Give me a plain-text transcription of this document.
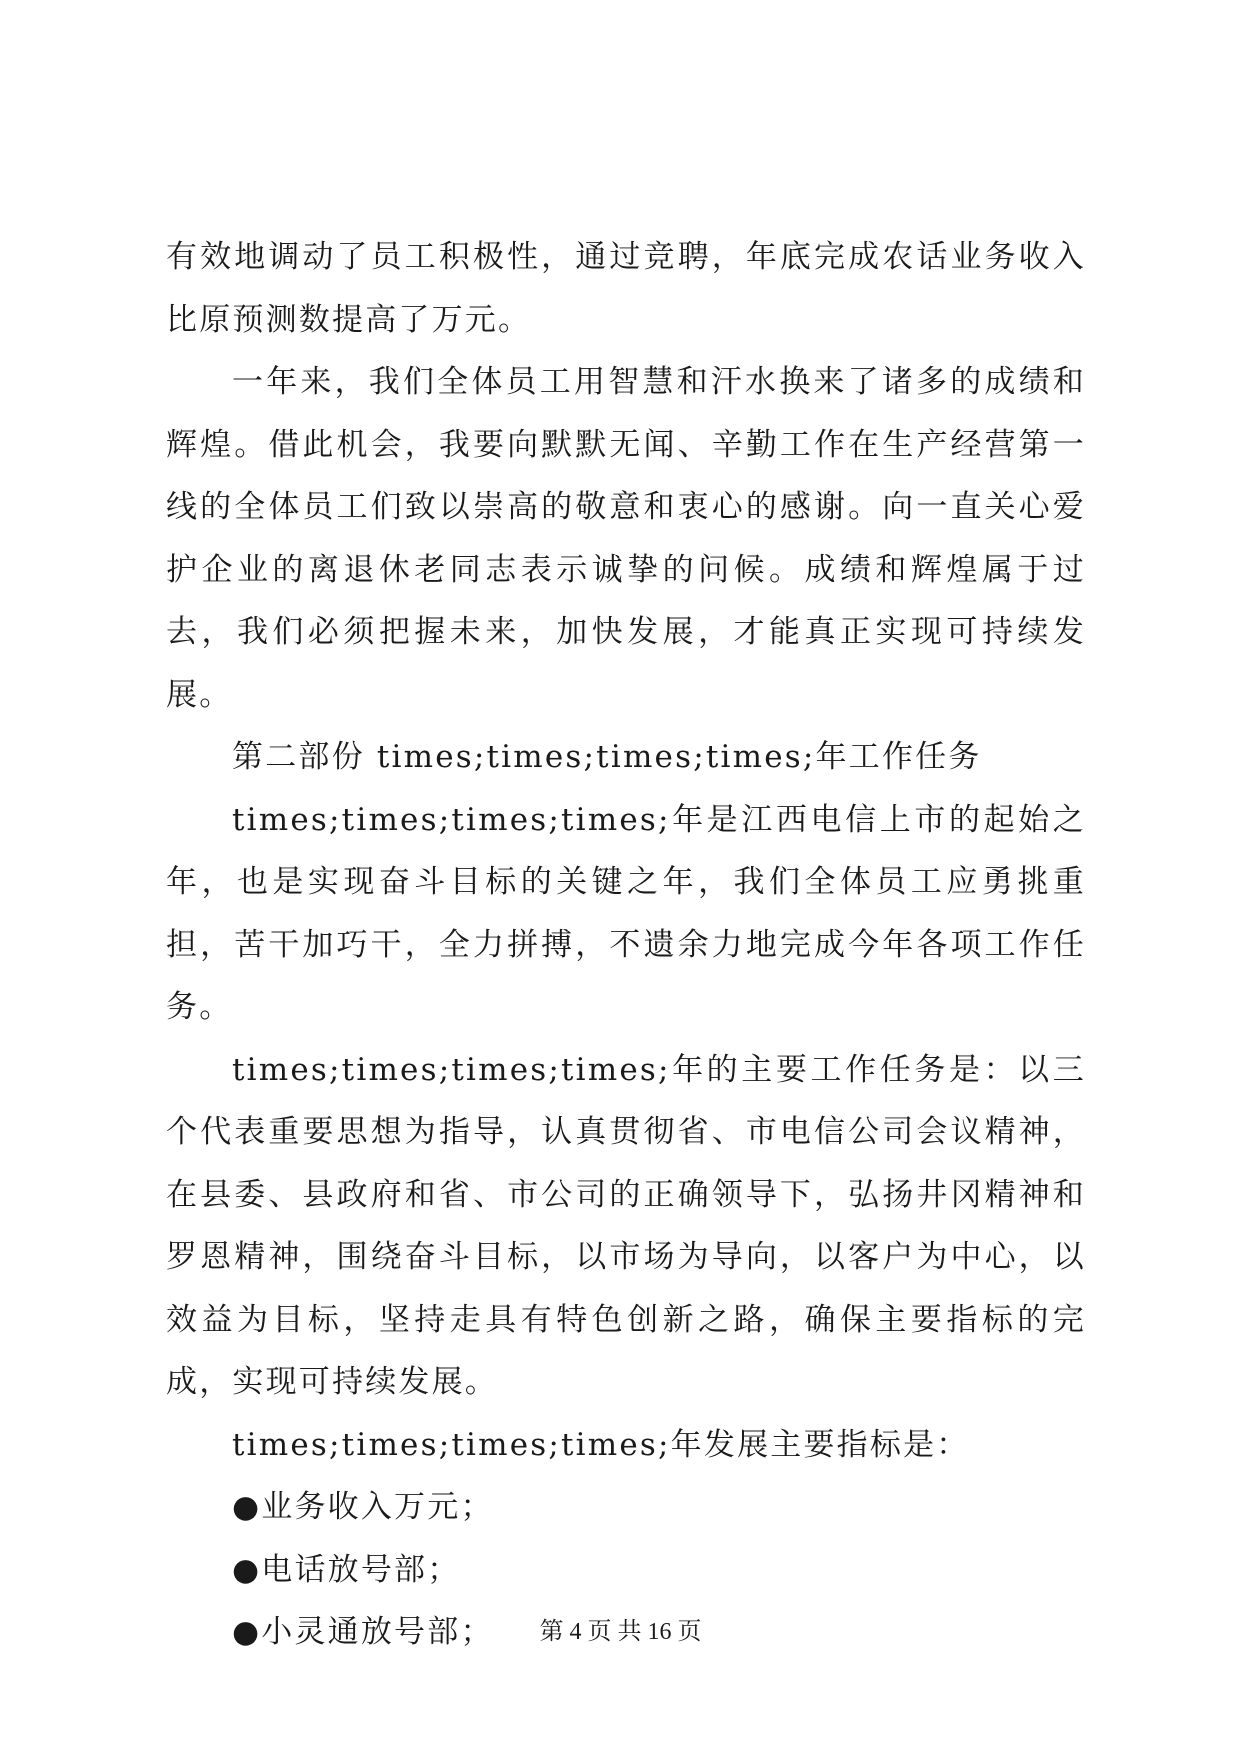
有效地调动了员工积极性，通过竞聘，年底完成农话业务收入比原预测数提高了万元。

一年来，我们全体员工用智慧和汗水换来了诸多的成绩和辉煌。借此机会，我要向默默无闻、辛勤工作在生产经营第一线的全体员工们致以崇高的敬意和衷心的感谢。向一直关心爱护企业的离退休老同志表示诚挚的问候。成绩和辉煌属于过去，我们必须把握未来，加快发展，才能真正实现可持续发展。

第二部份 times;times;times;times;年工作任务

times;times;times;times;年是江西电信上市的起始之年，也是实现奋斗目标的关键之年，我们全体员工应勇挑重担，苦干加巧干，全力拼搏，不遗余力地完成今年各项工作任务。

times;times;times;times;年的主要工作任务是：以三个代表重要思想为指导，认真贯彻省、市电信公司会议精神，在县委、县政府和省、市公司的正确领导下，弘扬井冈精神和罗恩精神，围绕奋斗目标，以市场为导向，以客户为中心，以效益为目标，坚持走具有特色创新之路，确保主要指标的完成，实现可持续发展。

times;times;times;times;年发展主要指标是：

●业务收入万元；

●电话放号部；

●小灵通放号部；	第 4 页 共 16 页
